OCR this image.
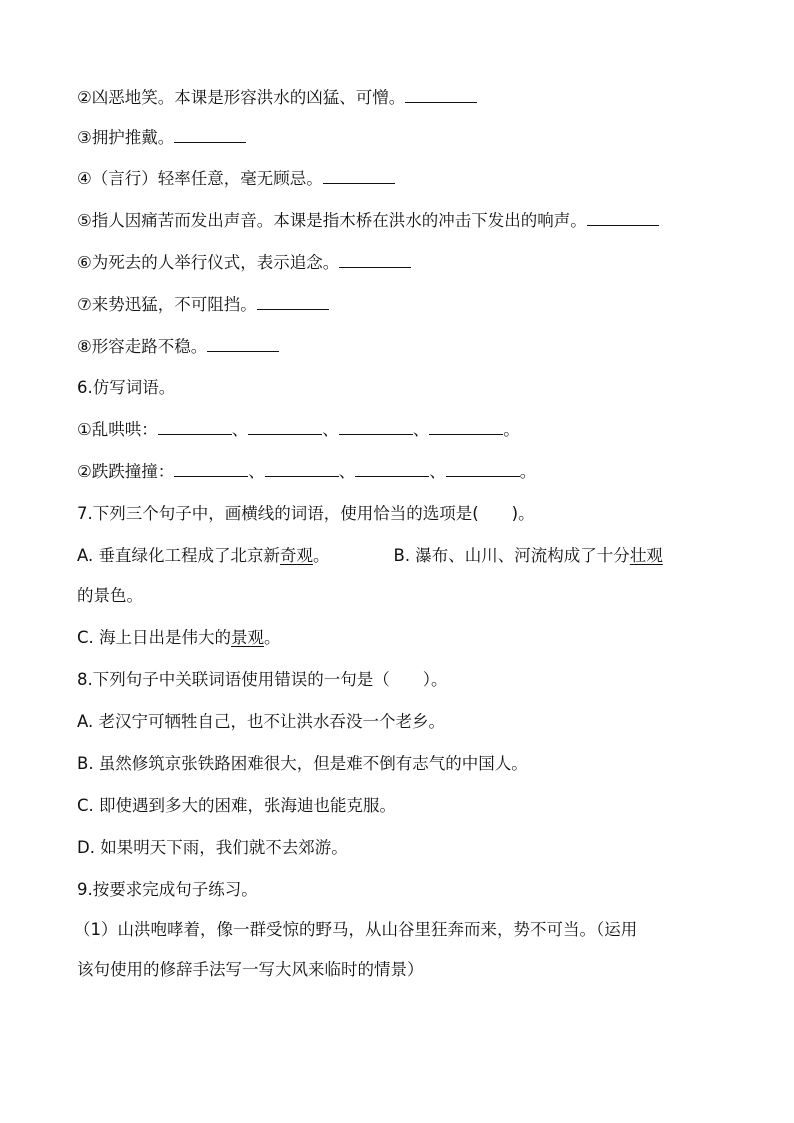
②凶恶地笑。本课是形容洪水的凶猛、可憎。
③拥护推戴。
④（言行）轻率任意，毫无顾忌。
⑤指人因痛苦而发出声音。本课是指木桥在洪水的冲击下发出的响声。
⑥为死去的人举行仪式，表示追念。
⑦来势迅猛，不可阻挡。
⑧形容走路不稳。
6.仿写词语。
①乱哄哄：	、	、	、	。
②跌跌撞撞：	、	、	、	。
7.下列三个句子中，画横线的词语，使用恰当的选项是(　　)。
A. 垂直绿化工程成了北京新奇观。	B. 瀑布、山川、河流构成了十分壮观
的景色。
C. 海上日出是伟大的景观。
8.下列句子中关联词语使用错误的一句是（　　）。
A. 老汉宁可牺牲自己，也不让洪水吞没一个老乡。
B. 虽然修筑京张铁路困难很大，但是难不倒有志气的中国人。
C. 即使遇到多大的困难，张海迪也能克服。
D. 如果明天下雨，我们就不去郊游。
9.按要求完成句子练习。
（1）山洪咆哮着，像一群受惊的野马，从山谷里狂奔而来，势不可当。（运用
该句使用的修辞手法写一写大风来临时的情景）
